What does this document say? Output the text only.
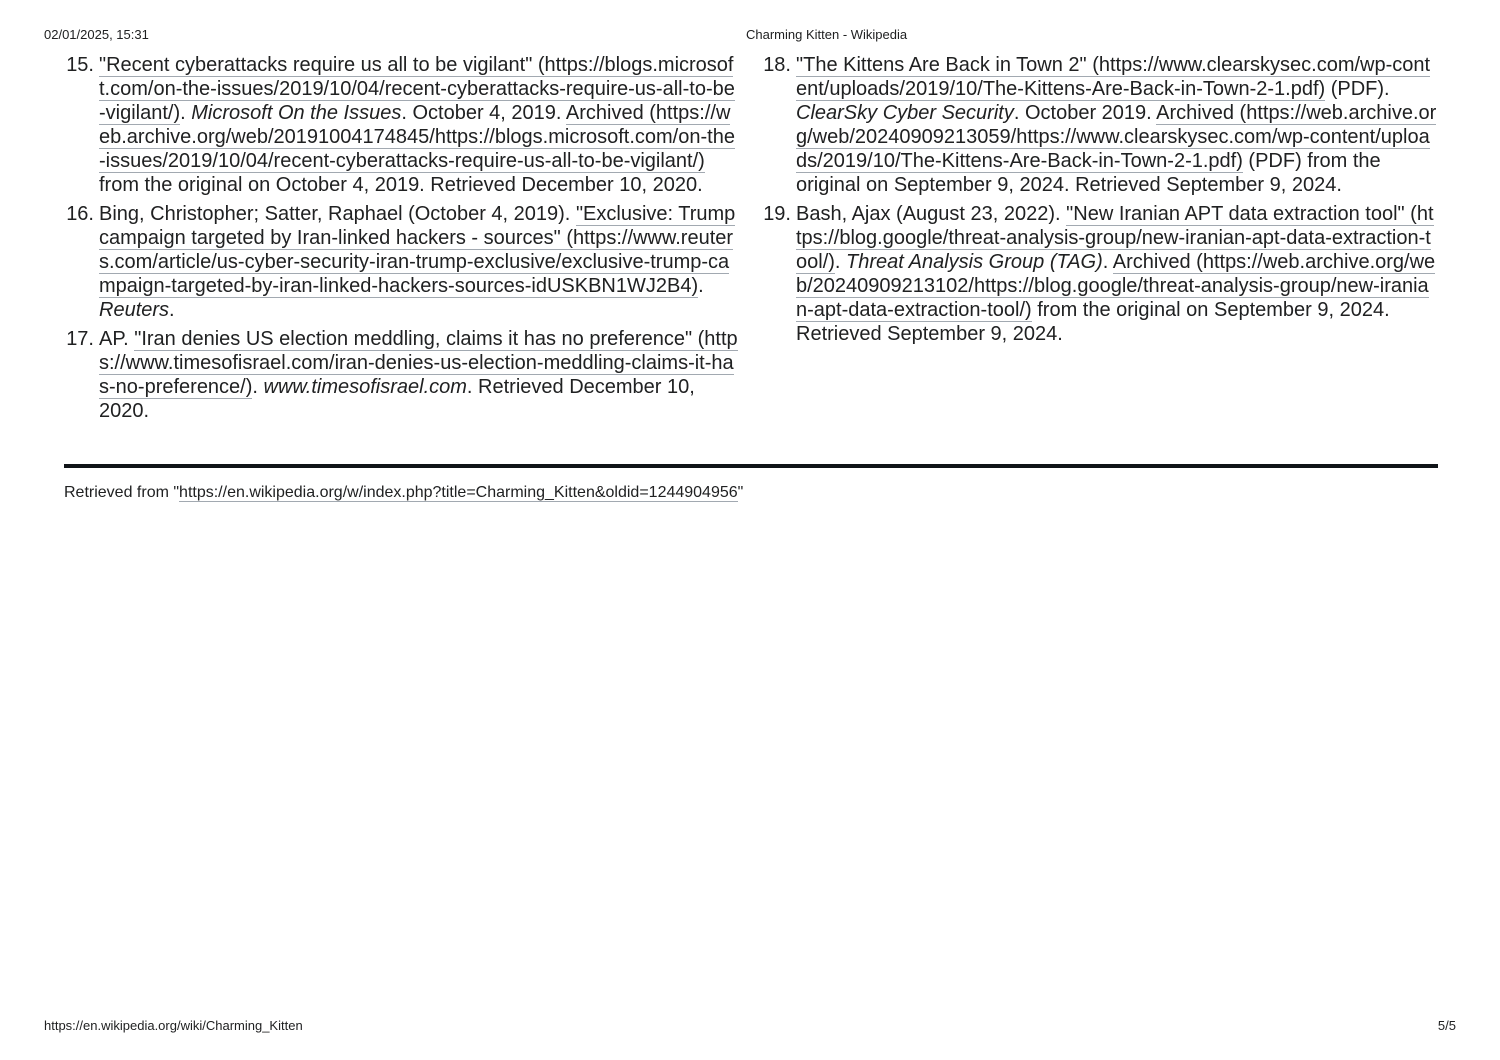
02/01/2025, 15:31	Charming Kitten - Wikipedia
15. "Recent cyberattacks require us all to be vigilant" (https://blogs.microsoft.com/on-the-issues/2019/10/04/recent-cyberattacks-require-us-all-to-be-vigilant/). Microsoft On the Issues. October 4, 2019. Archived (https://web.archive.org/web/20191004174845/https://blogs.microsoft.com/on-the-issues/2019/10/04/recent-cyberattacks-require-us-all-to-be-vigilant/) from the original on October 4, 2019. Retrieved December 10, 2020.
16. Bing, Christopher; Satter, Raphael (October 4, 2019). "Exclusive: Trump campaign targeted by Iran-linked hackers - sources" (https://www.reuters.com/article/us-cyber-security-iran-trump-exclusive/exclusive-trump-campaign-targeted-by-iran-linked-hackers-sources-idUSKBN1WJ2B4). Reuters.
17. AP. "Iran denies US election meddling, claims it has no preference" (https://www.timesofisrael.com/iran-denies-us-election-meddling-claims-it-has-no-preference/). www.timesofisrael.com. Retrieved December 10, 2020.
18. "The Kittens Are Back in Town 2" (https://www.clearskysec.com/wp-content/uploads/2019/10/The-Kittens-Are-Back-in-Town-2-1.pdf) (PDF). ClearSky Cyber Security. October 2019. Archived (https://web.archive.org/web/20240909213059/https://www.clearskysec.com/wp-content/uploads/2019/10/The-Kittens-Are-Back-in-Town-2-1.pdf) (PDF) from the original on September 9, 2024. Retrieved September 9, 2024.
19. Bash, Ajax (August 23, 2022). "New Iranian APT data extraction tool" (https://blog.google/threat-analysis-group/new-iranian-apt-data-extraction-tool/). Threat Analysis Group (TAG). Archived (https://web.archive.org/web/20240909213102/https://blog.google/threat-analysis-group/new-iranian-apt-data-extraction-tool/) from the original on September 9, 2024. Retrieved September 9, 2024.
Retrieved from "https://en.wikipedia.org/w/index.php?title=Charming_Kitten&oldid=1244904956"
https://en.wikipedia.org/wiki/Charming_Kitten	5/5
